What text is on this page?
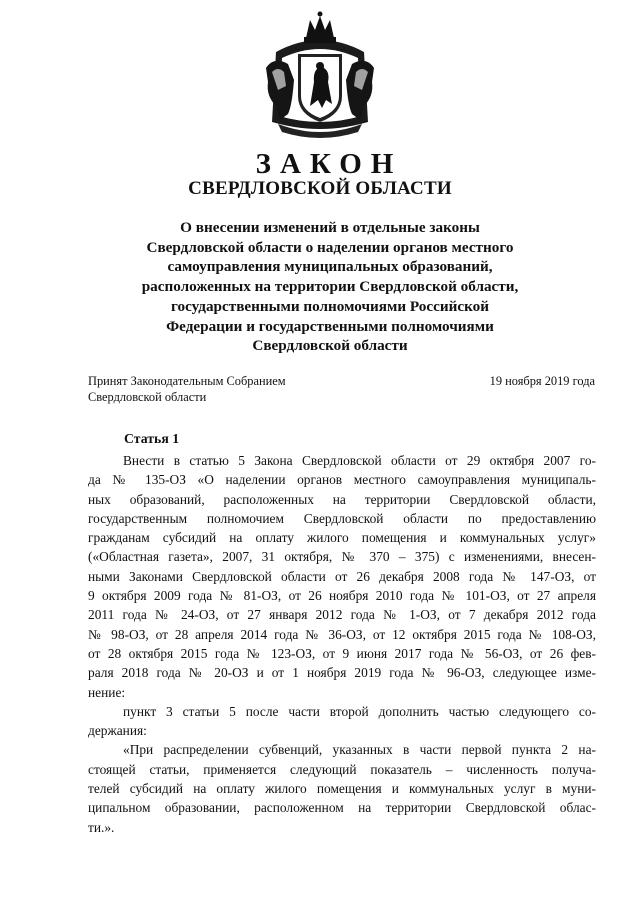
ЗАКОН
СВЕРДЛОВСКОЙ ОБЛАСТИ
О внесении изменений в отдельные законы
Свердловской области о наделении органов местного
самоуправления муниципальных образований,
расположенных на территории Свердловской области,
государственными полномочиями Российской
Федерации и государственными полномочиями
Свердловской области
Принят Законодательным Собранием
Свердловской области
19 ноября 2019 года
Статья 1
Внести в статью 5 Закона Свердловской области от 29 октября 2007 го-
да № 135-ОЗ «О наделении органов местного самоуправления муниципаль-
ных образований, расположенных на территории Свердловской области,
государственным полномочием Свердловской области по предоставлению
гражданам субсидий на оплату жилого помещения и коммунальных услуг»
(«Областная газета», 2007, 31 октября, № 370 – 375) с изменениями, внесен-
ными Законами Свердловской области от 26 декабря 2008 года № 147-ОЗ, от
9 октября 2009 года № 81-ОЗ, от 26 ноября 2010 года № 101-ОЗ, от 27 апреля
2011 года № 24-ОЗ, от 27 января 2012 года № 1-ОЗ, от 7 декабря 2012 года
№ 98-ОЗ, от 28 апреля 2014 года № 36-ОЗ, от 12 октября 2015 года № 108-ОЗ,
от 28 октября 2015 года № 123-ОЗ, от 9 июня 2017 года № 56-ОЗ, от 26 фев-
раля 2018 года № 20-ОЗ и от 1 ноября 2019 года № 96-ОЗ, следующее изме-
нение:
пункт 3 статьи 5 после части второй дополнить частью следующего со-
держания:
«При распределении субвенций, указанных в части первой пункта 2 на-
стоящей статьи, применяется следующий показатель – численность получа-
телей субсидий на оплату жилого помещения и коммунальных услуг в муни-
ципальном образовании, расположенном на территории Свердловской облас-
ти.».
